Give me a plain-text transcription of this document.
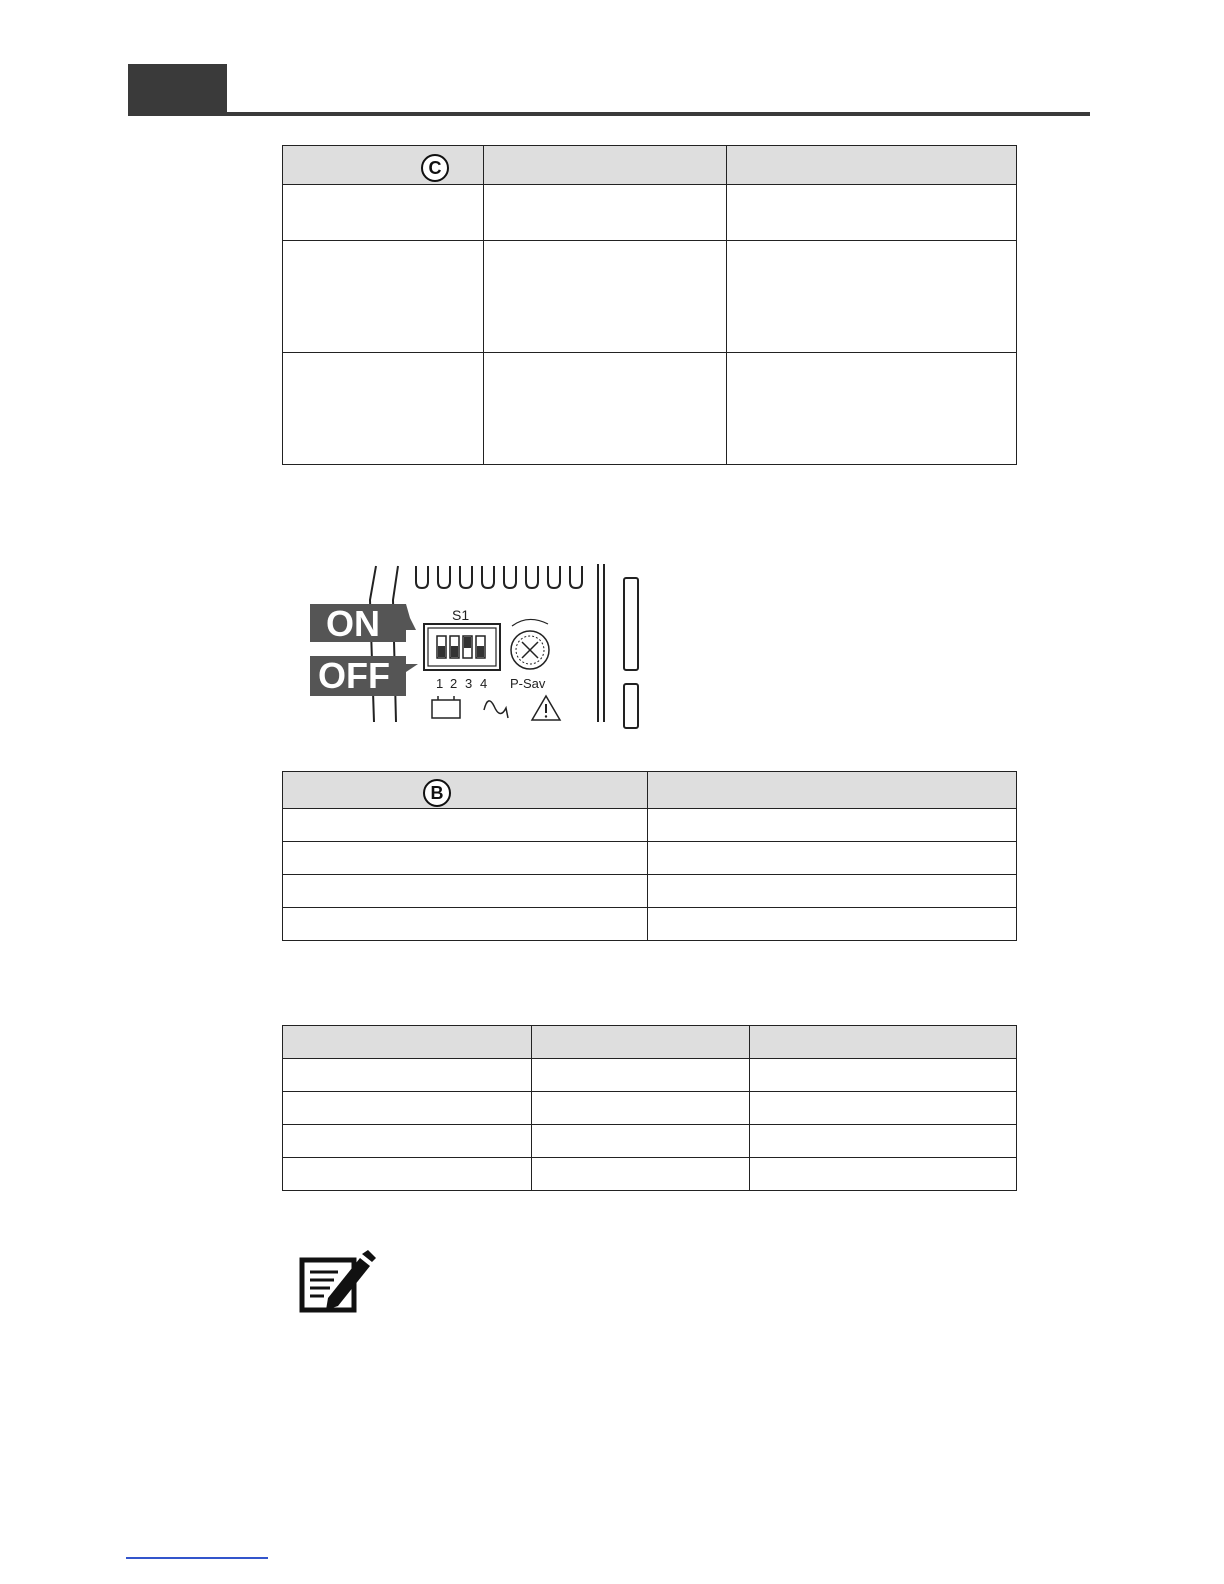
C		

ON
OFF
S1
1 2 3 4 P-Sav
B	
